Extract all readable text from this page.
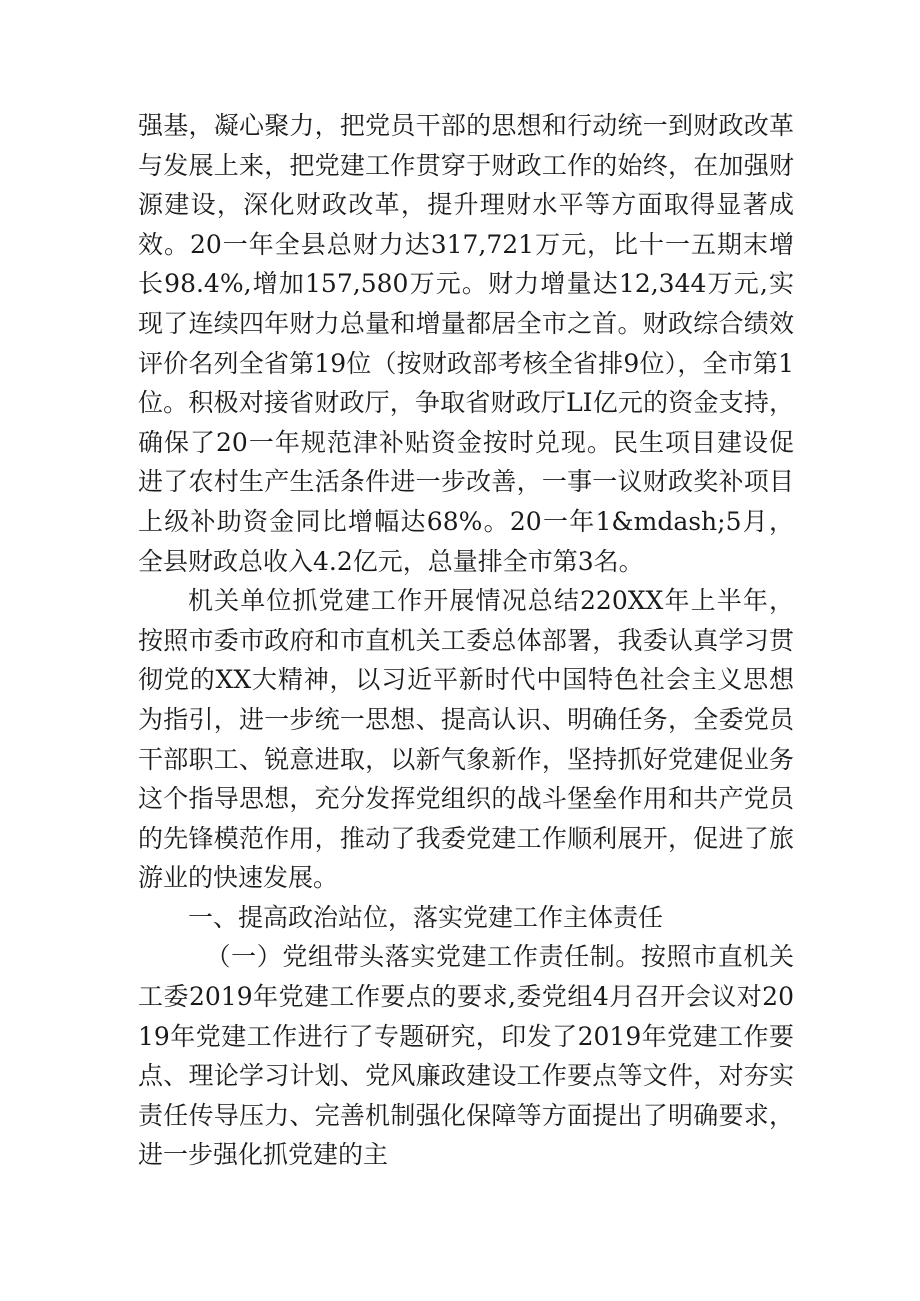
强基，凝心聚力，把党员干部的思想和行动统一到财政改革与发展上来，把党建工作贯穿于财政工作的始终，在加强财源建设，深化财政改革，提升理财水平等方面取得显著成效。20一年全县总财力达317,721万元，比十一五期末增长98.4%,增加157,580万元。财力增量达12,344万元,实现了连续四年财力总量和增量都居全市之首。财政综合绩效评价名列全省第19位（按财政部考核全省排9位），全市第1位。积极对接省财政厅，争取省财政厅LI亿元的资金支持，确保了20一年规范津补贴资金按时兑现。民生项目建设促进了农村生产生活条件进一步改善，一事一议财政奖补项目上级补助资金同比增幅达68%。20一年1&mdash;5月，全县财政总收入4.2亿元，总量排全市第3名。

机关单位抓党建工作开展情况总结220XX年上半年，按照市委市政府和市直机关工委总体部署，我委认真学习贯彻党的XX大精神，以习近平新时代中国特色社会主义思想为指引，进一步统一思想、提高认识、明确任务，全委党员干部职工、锐意进取，以新气象新作，坚持抓好党建促业务这个指导思想，充分发挥党组织的战斗堡垒作用和共产党员的先锋模范作用，推动了我委党建工作顺利展开，促进了旅游业的快速发展。

一、提高政治站位，落实党建工作主体责任

（一）党组带头落实党建工作责任制。按照市直机关工委2019年党建工作要点的要求,委党组4月召开会议对2019年党建工作进行了专题研究，印发了2019年党建工作要点、理论学习计划、党风廉政建设工作要点等文件，对夯实责任传导压力、完善机制强化保障等方面提出了明确要求，进一步强化抓党建的主
